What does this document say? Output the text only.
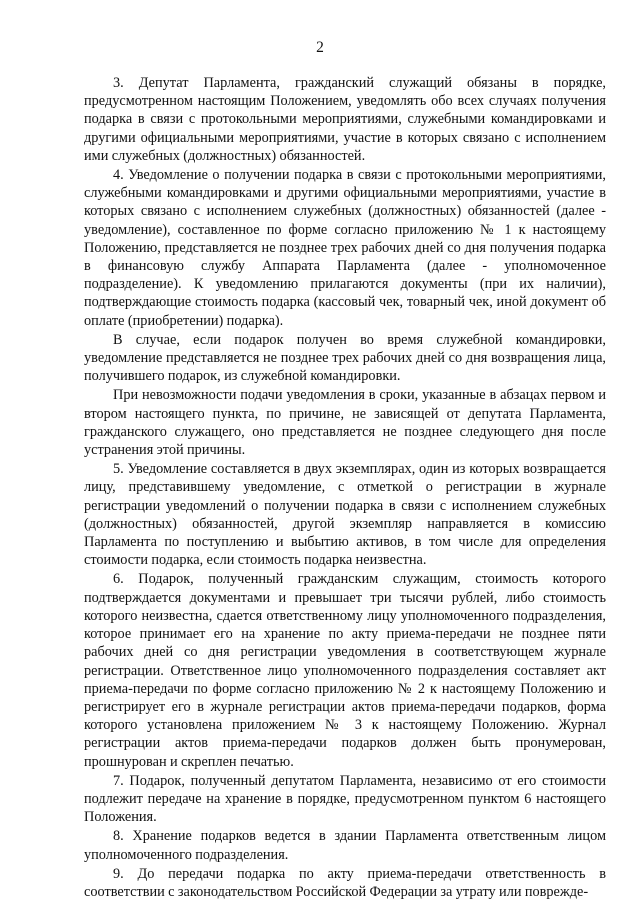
2

3. Депутат Парламента, гражданский служащий обязаны в порядке, предусмотренном настоящим Положением, уведомлять обо всех случаях получения подарка в связи с протокольными мероприятиями, служебными командировками и другими официальными мероприятиями, участие в которых связано с исполнением ими служебных (должностных) обязанностей.

4. Уведомление о получении подарка в связи с протокольными мероприятиями, служебными командировками и другими официальными мероприятиями, участие в которых связано с исполнением служебных (должностных) обязанностей (далее - уведомление), составленное по форме согласно приложению № 1 к настоящему Положению, представляется не позднее трех рабочих дней со дня получения подарка в финансовую службу Аппарата Парламента (далее - уполномоченное подразделение). К уведомлению прилагаются документы (при их наличии), подтверждающие стоимость подарка (кассовый чек, товарный чек, иной документ об оплате (приобретении) подарка).

В случае, если подарок получен во время служебной командировки, уведомление представляется не позднее трех рабочих дней со дня возвращения лица, получившего подарок, из служебной командировки.

При невозможности подачи уведомления в сроки, указанные в абзацах первом и втором настоящего пункта, по причине, не зависящей от депутата Парламента, гражданского служащего, оно представляется не позднее следующего дня после устранения этой причины.

5. Уведомление составляется в двух экземплярах, один из которых возвращается лицу, представившему уведомление, с отметкой о регистрации в журнале регистрации уведомлений о получении подарка в связи с исполнением служебных (должностных) обязанностей, другой экземпляр направляется в комиссию Парламента по поступлению и выбытию активов, в том числе для определения стоимости подарка, если стоимость подарка неизвестна.

6. Подарок, полученный гражданским служащим, стоимость которого подтверждается документами и превышает три тысячи рублей, либо стоимость которого неизвестна, сдается ответственному лицу уполномоченного подразделения, которое принимает его на хранение по акту приема-передачи не позднее пяти рабочих дней со дня регистрации уведомления в соответствующем журнале регистрации. Ответственное лицо уполномоченного подразделения составляет акт приема-передачи по форме согласно приложению № 2 к настоящему Положению и регистрирует его в журнале регистрации актов приема-передачи подарков, форма которого установлена приложением № 3 к настоящему Положению. Журнал регистрации актов приема-передачи подарков должен быть пронумерован, прошнурован и скреплен печатью.

7. Подарок, полученный депутатом Парламента, независимо от его стоимости подлежит передаче на хранение в порядке, предусмотренном пунктом 6 настоящего Положения.

8. Хранение подарков ведется в здании Парламента ответственным лицом уполномоченного подразделения.

9. До передачи подарка по акту приема-передачи ответственность в соответствии с законодательством Российской Федерации за утрату или поврежде-
